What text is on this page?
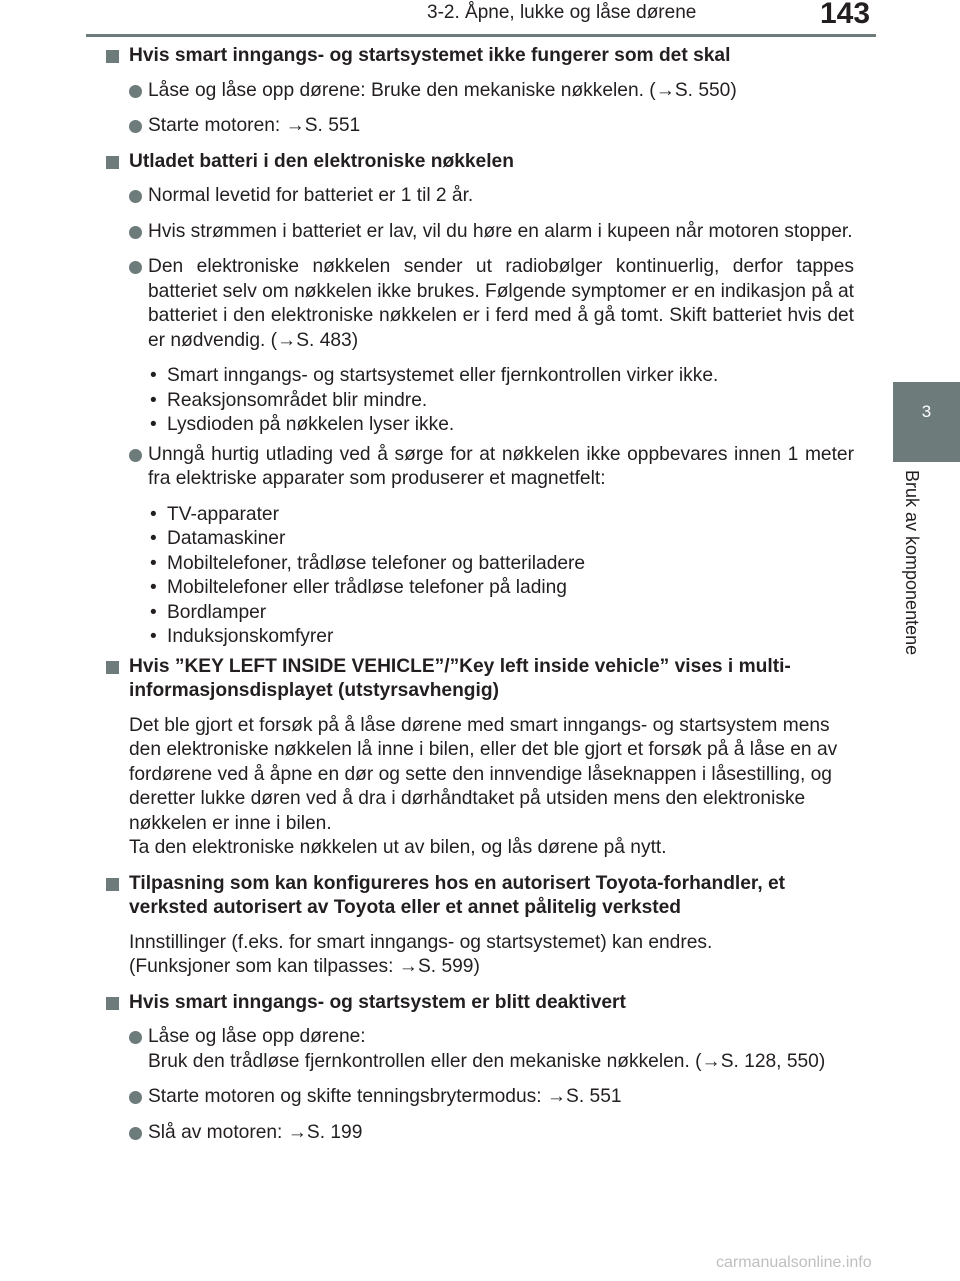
3-2. Åpne, lukke og låse dørene	143
3
Bruk av komponentene
Hvis smart inngangs- og startsystemet ikke fungerer som det skal
Låse og låse opp dørene: Bruke den mekaniske nøkkelen. (→S. 550)
Starte motoren: →S. 551
Utladet batteri i den elektroniske nøkkelen
Normal levetid for batteriet er 1 til 2 år.
Hvis strømmen i batteriet er lav, vil du høre en alarm i kupeen når motoren stopper.
Den elektroniske nøkkelen sender ut radiobølger kontinuerlig, derfor tappes batteriet selv om nøkkelen ikke brukes. Følgende symptomer er en indikasjon på at batteriet i den elektroniske nøkkelen er i ferd med å gå tomt. Skift batteriet hvis det er nødvendig. (→S. 483)
• Smart inngangs- og startsystemet eller fjernkontrollen virker ikke.
• Reaksjonsområdet blir mindre.
• Lysdioden på nøkkelen lyser ikke.
Unngå hurtig utlading ved å sørge for at nøkkelen ikke oppbevares innen 1 meter fra elektriske apparater som produserer et magnetfelt:
• TV-apparater
• Datamaskiner
• Mobiltelefoner, trådløse telefoner og batteriladere
• Mobiltelefoner eller trådløse telefoner på lading
• Bordlamper
• Induksjonskomfyrer
Hvis ”KEY LEFT INSIDE VEHICLE”/”Key left inside vehicle” vises i multiinformasjonsdisplayet (utstyrsavhengig)
Det ble gjort et forsøk på å låse dørene med smart inngangs- og startsystem mens den elektroniske nøkkelen lå inne i bilen, eller det ble gjort et forsøk på å låse en av fordørene ved å åpne en dør og sette den innvendige låseknappen i låsestilling, og deretter lukke døren ved å dra i dørhåndtaket på utsiden mens den elektroniske nøkkelen er inne i bilen.
Ta den elektroniske nøkkelen ut av bilen, og lås dørene på nytt.
Tilpasning som kan konfigureres hos en autorisert Toyota-forhandler, et verksted autorisert av Toyota eller et annet pålitelig verksted
Innstillinger (f.eks. for smart inngangs- og startsystemet) kan endres.
(Funksjoner som kan tilpasses: →S. 599)
Hvis smart inngangs- og startsystem er blitt deaktivert
Låse og låse opp dørene:
Bruk den trådløse fjernkontrollen eller den mekaniske nøkkelen. (→S. 128, 550)
Starte motoren og skifte tenningsbrytermodus: →S. 551
Slå av motoren: →S. 199
carmanualsonline.info
